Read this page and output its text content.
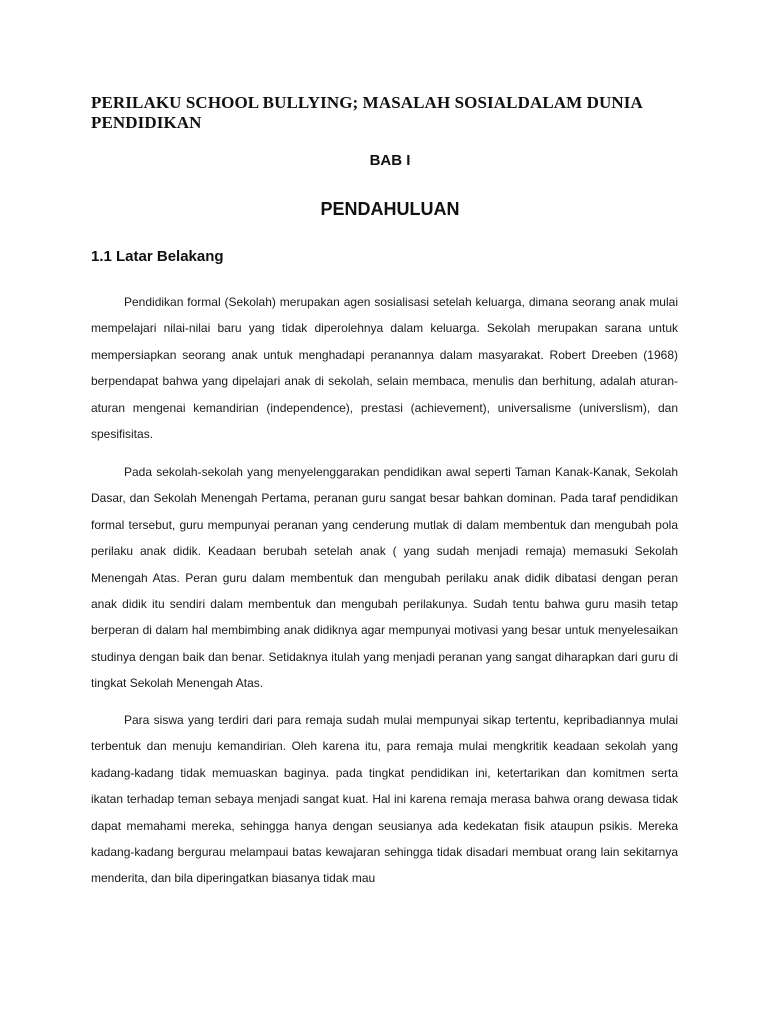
PERILAKU SCHOOL BULLYING; MASALAH SOSIALDALAM DUNIA PENDIDIKAN
BAB I
PENDAHULUAN
1.1 Latar Belakang

Pendidikan formal (Sekolah) merupakan agen sosialisasi setelah keluarga, dimana seorang anak mulai mempelajari nilai-nilai baru yang tidak diperolehnya dalam keluarga. Sekolah merupakan sarana untuk mempersiapkan seorang anak untuk menghadapi peranannya dalam masyarakat. Robert Dreeben (1968) berpendapat bahwa yang dipelajari anak di sekolah, selain membaca, menulis dan berhitung, adalah aturan-aturan mengenai kemandirian (independence), prestasi (achievement), universalisme (universlism), dan spesifisitas.

Pada sekolah-sekolah yang menyelenggarakan pendidikan awal seperti Taman Kanak-Kanak, Sekolah Dasar, dan Sekolah Menengah Pertama, peranan guru sangat besar bahkan dominan. Pada taraf pendidikan formal tersebut, guru mempunyai peranan yang cenderung mutlak di dalam membentuk dan mengubah pola perilaku anak didik. Keadaan berubah setelah anak ( yang sudah menjadi remaja) memasuki Sekolah Menengah Atas. Peran guru dalam membentuk dan mengubah perilaku anak didik dibatasi dengan peran anak didik itu sendiri dalam membentuk dan mengubah perilakunya. Sudah tentu bahwa guru masih tetap berperan di dalam hal membimbing anak didiknya agar mempunyai motivasi yang besar untuk menyelesaikan studinya dengan baik dan benar. Setidaknya itulah yang menjadi peranan yang sangat diharapkan dari guru di tingkat Sekolah Menengah Atas.

Para siswa yang terdiri dari para remaja sudah mulai mempunyai sikap tertentu, kepribadiannya mulai terbentuk dan menuju kemandirian. Oleh karena itu, para remaja mulai mengkritik keadaan sekolah yang kadang-kadang tidak memuaskan baginya. pada tingkat pendidikan ini, ketertarikan dan komitmen serta ikatan terhadap teman sebaya menjadi sangat kuat. Hal ini karena remaja merasa bahwa orang dewasa tidak dapat memahami mereka, sehingga hanya dengan seusianya ada kedekatan fisik ataupun psikis. Mereka kadang-kadang bergurau melampaui batas kewajaran sehingga tidak disadari membuat orang lain sekitarnya menderita, dan bila diperingatkan biasanya tidak mau
